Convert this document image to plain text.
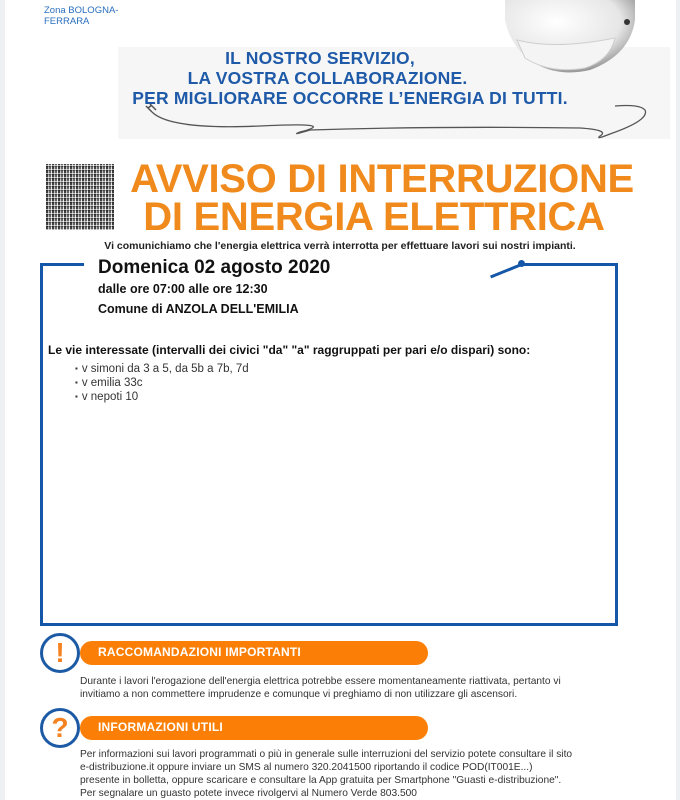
Zona BOLOGNA-
FERRARA
IL NOSTRO SERVIZIO,
LA VOSTRA COLLABORAZIONE.
PER MIGLIORARE OCCORRE L’ENERGIA DI TUTTI.
AVVISO DI INTERRUZIONE
DI ENERGIA ELETTRICA
Vi comunichiamo che l'energia elettrica verrà interrotta per effettuare lavori sui nostri impianti.
Domenica 02 agosto 2020
dalle ore 07:00 alle ore 12:30
Comune di ANZOLA DELL'EMILIA
Le vie interessate (intervalli dei civici "da" "a" raggruppati per pari e/o dispari) sono:
▪ v simoni da 3 a 5, da 5b a 7b, 7d
▪ v emilia 33c
▪ v nepoti 10
RACCOMANDAZIONI IMPORTANTI
!
Durante i lavori l'erogazione dell'energia elettrica potrebbe essere momentaneamente riattivata, pertanto vi
invitiamo a non commettere imprudenze e comunque vi preghiamo di non utilizzare gli ascensori.
INFORMAZIONI UTILI
?
Per informazioni sui lavori programmati o più in generale sulle interruzioni del servizio potete consultare il sito
e-distribuzione.it oppure inviare un SMS al numero 320.2041500 riportando il codice POD(IT001E...)
presente in bolletta, oppure scaricare e consultare la App gratuita per Smartphone "Guasti e-distribuzione".
Per segnalare un guasto potete invece rivolgervi al Numero Verde 803.500
